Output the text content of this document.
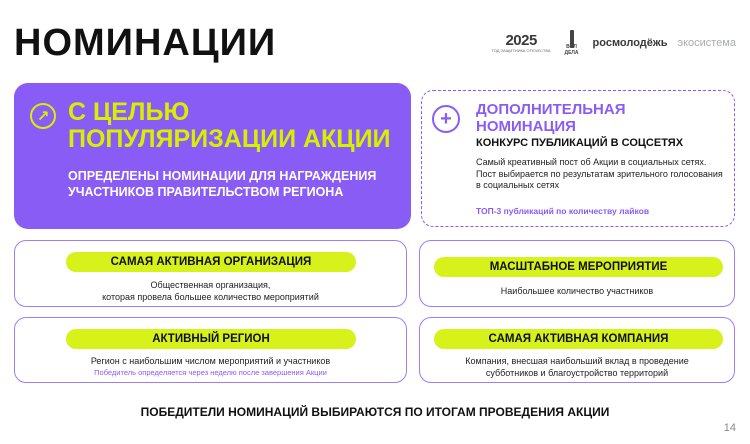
НОМИНАЦИИ	2025
ГОД ЗАЩИТНИКА ОТЕЧЕСТВА	ВОЛ ДЕЛА
росмолодёжь экосистема
↗ С ЦЕЛЬЮ ПОПУЛЯРИЗАЦИИ АКЦИИ
ОПРЕДЕЛЕНЫ НОМИНАЦИИ ДЛЯ НАГРАЖДЕНИЯ УЧАСТНИКОВ ПРАВИТЕЛЬСТВОМ РЕГИОНА
+	ДОПОЛНИТЕЛЬНАЯ
НОМИНАЦИЯ
КОНКУРС ПУБЛИКАЦИЙ В СОЦСЕТЯХ
Самый креативный пост об Акции в социальных сетях. Пост выбирается по результатам зрительного голосования в социальных сетях
ТОП-3 публикаций по количеству лайков
САМАЯ АКТИВНАЯ ОРГАНИЗАЦИЯ
Общественная организация,
которая провела большее количество мероприятий
МАСШТАБНОЕ МЕРОПРИЯТИЕ
Наибольшее количество участников
АКТИВНЫЙ РЕГИОН
Регион с наибольшим числом мероприятий и участников
Победитель определяется через неделю после завершения Акции
САМАЯ АКТИВНАЯ КОМПАНИЯ
Компания, внесшая наибольший вклад в проведение
субботников и благоустройство территорий
ПОБЕДИТЕЛИ НОМИНАЦИЙ ВЫБИРАЮТСЯ ПО ИТОГАМ ПРОВЕДЕНИЯ АКЦИИ
14
